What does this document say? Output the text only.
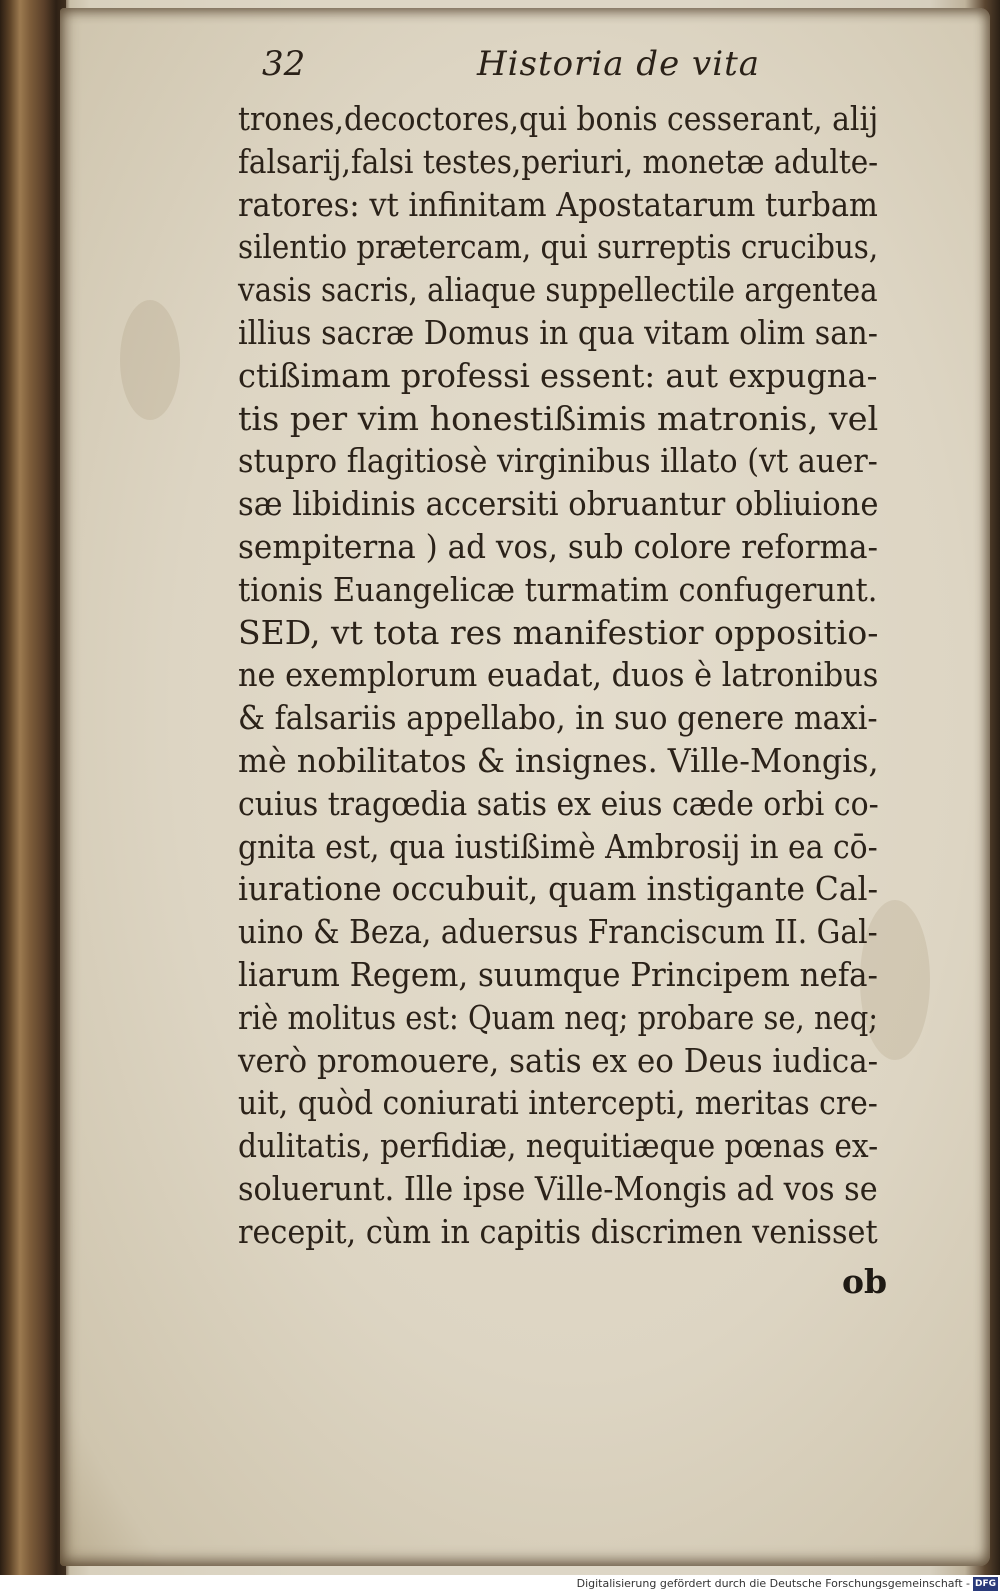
32	Historia de vita
trones,decoctores,qui bonis cesserant, alij
falsarij,falsi testes,periuri, monetæ adulte-
ratores: vt infinitam Apostatarum turbam
silentio prætercam, qui surreptis crucibus,
vasis sacris, aliaque suppellectile argentea
illius sacræ Domus in qua vitam olim san-
ctißimam professi essent: aut expugna-
tis per vim honestißimis matronis, vel
stupro flagitiosè virginibus illato (vt auer-
sæ libidinis accersiti obruantur obliuione
sempiterna ) ad vos, sub colore reforma-
tionis Euangelicæ turmatim confugerunt.
SED, vt tota res manifestior oppositio-
ne exemplorum euadat, duos è latronibus
& falsariis appellabo, in suo genere maxi-
mè nobilitatos & insignes. Ville-Mongis,
cuius tragœdia satis ex eius cæde orbi co-
gnita est, qua iustißimè Ambrosij in ea cō-
iuratione occubuit, quam instigante Cal-
uino & Beza, aduersus Franciscum II. Gal-
liarum Regem, suumque Principem nefa-
riè molitus est: Quam neq; probare se, neq;
verò promouere, satis ex eo Deus iudica-
uit, quòd coniurati intercepti, meritas cre-
dulitatis, perfidiæ, nequitiæque pœnas ex-
soluerunt. Ille ipse Ville-Mongis ad vos se
recepit, cùm in capitis discrimen venisset
ob
Digitalisierung gefördert durch die Deutsche Forschungsgemeinschaft - DFG
